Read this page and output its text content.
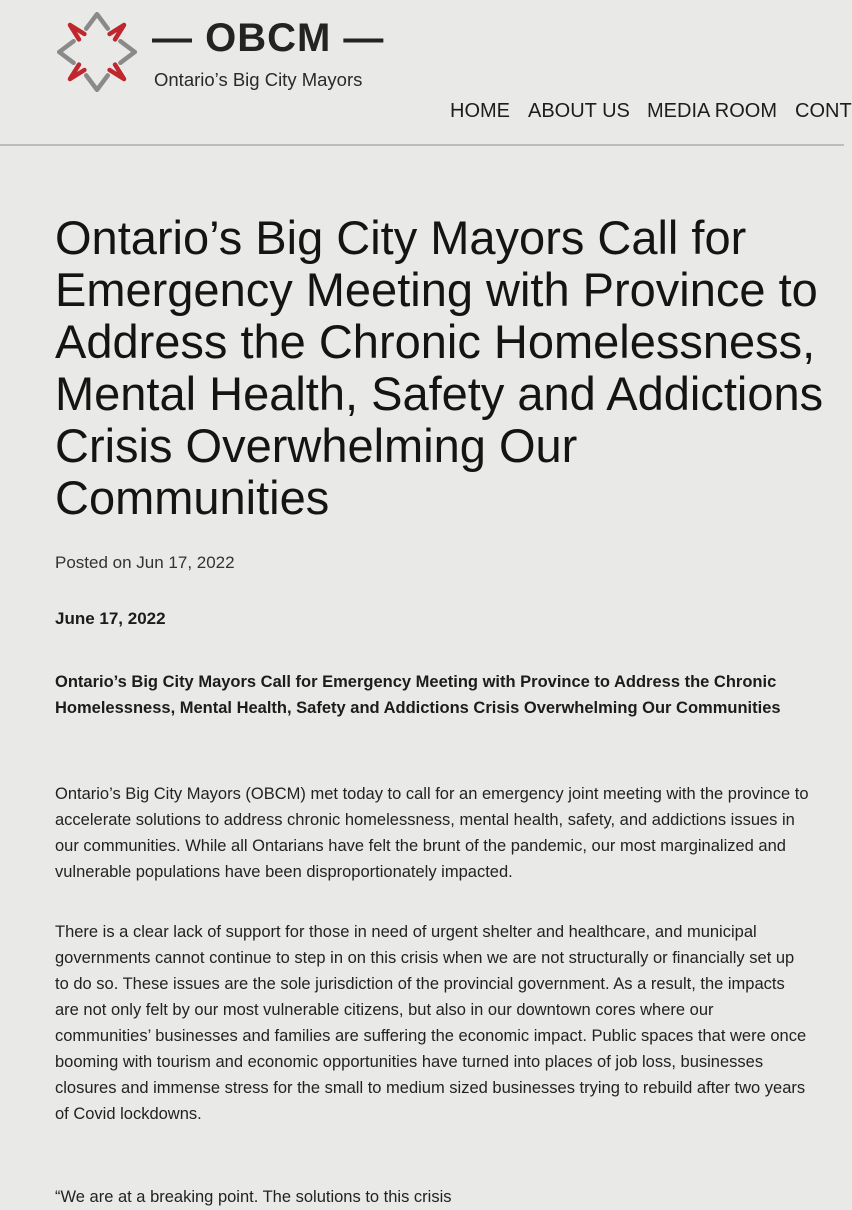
— OBCM —
Ontario’s Big City Mayors
HOME ABOUT US MEDIA ROOM CONT
Ontario’s Big City Mayors Call for Emergency Meeting with Province to Address the Chronic Homelessness, Mental Health, Safety and Addictions Crisis Overwhelming Our Communities
Posted on Jun 17, 2022
June 17, 2022

Ontario’s Big City Mayors Call for Emergency Meeting with Province to Address the Chronic Homelessness, Mental Health, Safety and Addictions Crisis Overwhelming Our Communities

Ontario’s Big City Mayors (OBCM) met today to call for an emergency joint meeting with the province to accelerate solutions to address chronic homelessness, mental health, safety, and addictions issues in our communities. While all Ontarians have felt the brunt of the pandemic, our most marginalized and vulnerable populations have been disproportionately impacted.

There is a clear lack of support for those in need of urgent shelter and healthcare, and municipal governments cannot continue to step in on this crisis when we are not structurally or financially set up to do so. These issues are the sole jurisdiction of the provincial government. As a result, the impacts are not only felt by our most vulnerable citizens, but also in our downtown cores where our communities’ businesses and families are suffering the economic impact. Public spaces that were once booming with tourism and economic opportunities have turned into places of job loss, businesses closures and immense stress for the small to medium sized businesses trying to rebuild after two years of Covid lockdowns.

“We are at a breaking point. The solutions to this crisis
